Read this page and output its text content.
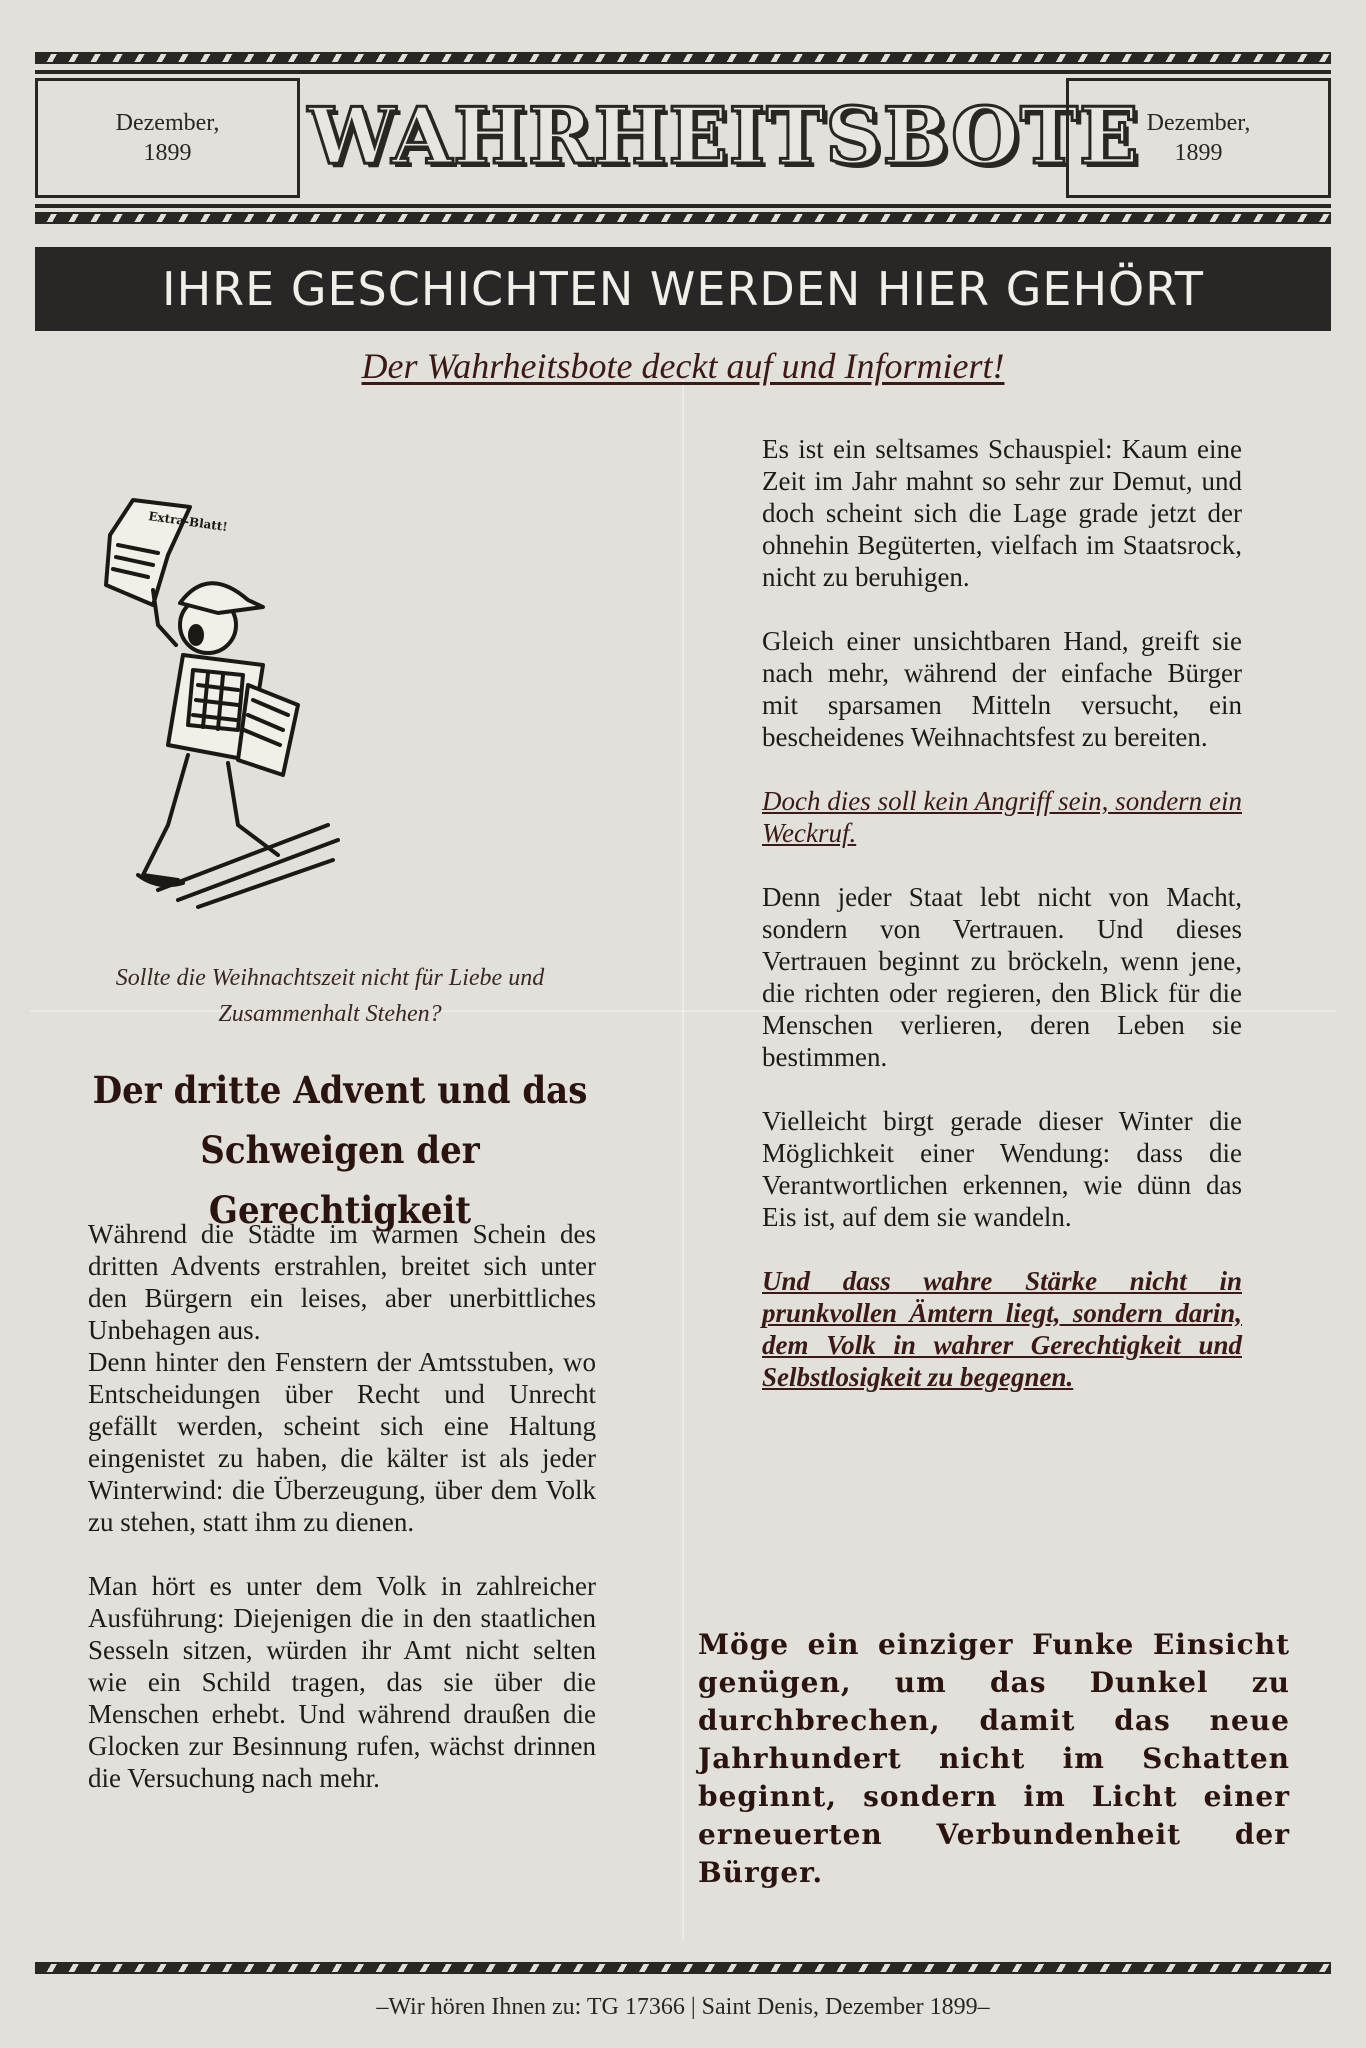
Dezember, 1899	WAHRHEITSBOTE Dezember, 1899
IHRE GESCHICHTEN WERDEN HIER GEHÖRT
Der Wahrheitsbote deckt auf und Informiert!
Extra-Blatt!
Sollte die Weihnachtszeit nicht für Liebe und Zusammenhalt Stehen?
Der dritte Advent und das Schweigen der Gerechtigkeit

Während die Städte im warmen Schein des dritten Advents erstrahlen, breitet sich unter den Bürgern ein leises, aber unerbittliches Unbehagen aus.

Denn hinter den Fenstern der Amtsstuben, wo Entscheidungen über Recht und Unrecht gefällt werden, scheint sich eine Haltung eingenistet zu haben, die kälter ist als jeder Winterwind: die Überzeugung, über dem Volk zu stehen, statt ihm zu dienen.

Man hört es unter dem Volk in zahlreicher Ausführung: Diejenigen die in den staatlichen Sesseln sitzen, würden ihr Amt nicht selten wie ein Schild tragen, das sie über die Menschen erhebt. Und während draußen die Glocken zur Besinnung rufen, wächst drinnen die Versuchung nach mehr.

Es ist ein seltsames Schauspiel: Kaum eine Zeit im Jahr mahnt so sehr zur Demut, und doch scheint sich die Lage grade jetzt der ohnehin Begüterten, vielfach im Staatsrock, nicht zu beruhigen.

Gleich einer unsichtbaren Hand, greift sie nach mehr, während der einfache Bürger mit sparsamen Mitteln versucht, ein bescheidenes Weihnachtsfest zu bereiten.

Doch dies soll kein Angriff sein, sondern ein Weckruf.

Denn jeder Staat lebt nicht von Macht, sondern von Vertrauen. Und dieses Vertrauen beginnt zu bröckeln, wenn jene, die richten oder regieren, den Blick für die Menschen verlieren, deren Leben sie bestimmen.

Vielleicht birgt gerade dieser Winter die Möglichkeit einer Wendung: dass die Verantwortlichen erkennen, wie dünn das Eis ist, auf dem sie wandeln.

Und dass wahre Stärke nicht in prunkvollen Ämtern liegt, sondern darin, dem Volk in wahrer Gerechtigkeit und Selbstlosigkeit zu begegnen.

Möge ein einziger Funke Einsicht genügen, um das Dunkel zu durchbrechen, damit das neue Jahrhundert nicht im Schatten beginnt, sondern im Licht einer erneuerten Verbundenheit der Bürger.
–Wir hören Ihnen zu: TG 17366 | Saint Denis, Dezember 1899–
